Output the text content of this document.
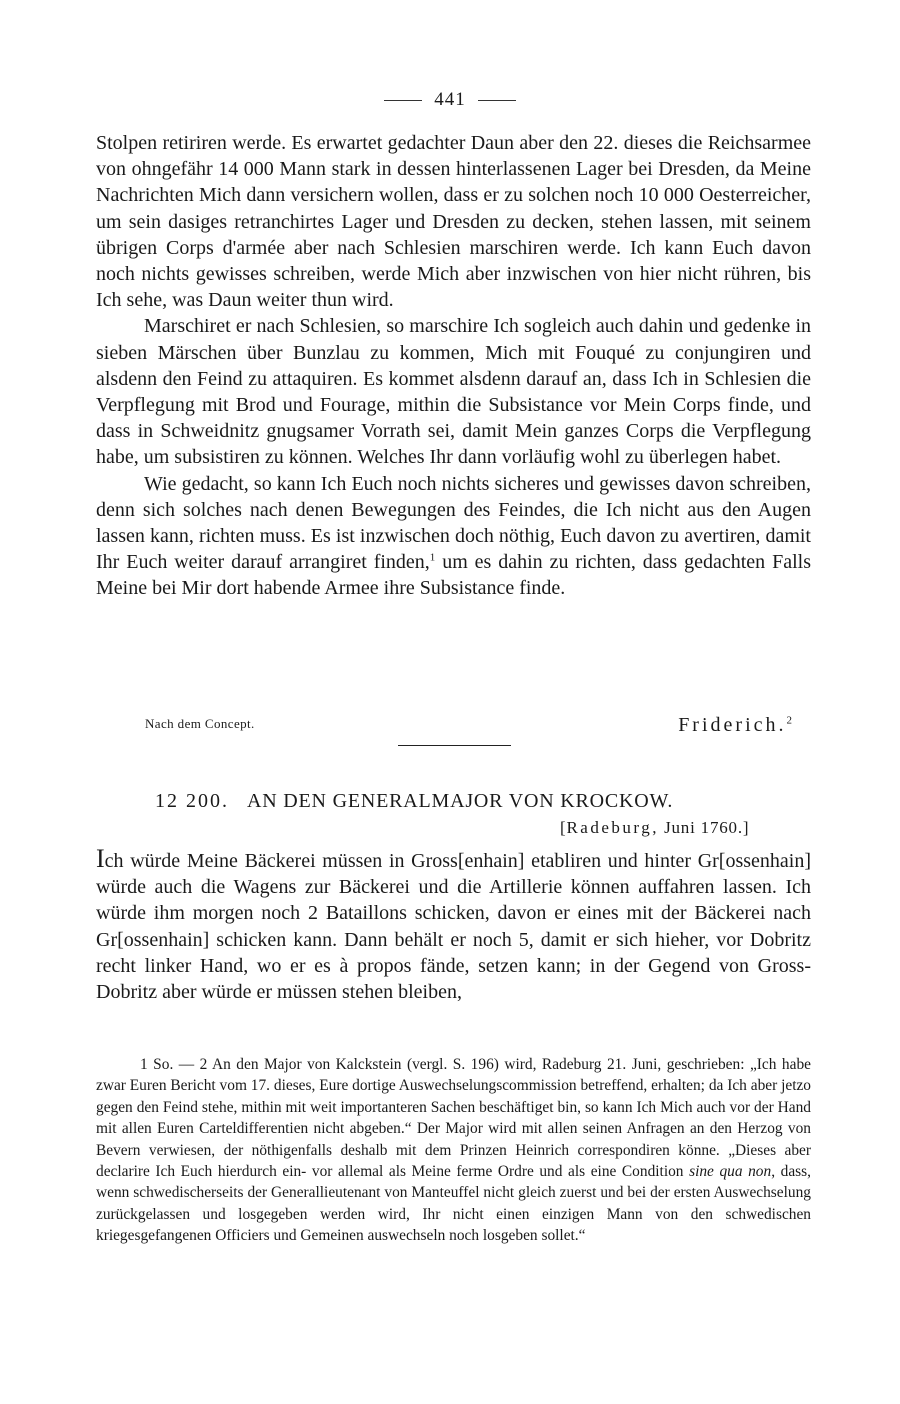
441

Stolpen retiriren werde. Es erwartet gedachter Daun aber den 22. dieses die Reichsarmee von ohngefähr 14 000 Mann stark in dessen hinterlassenen Lager bei Dresden, da Meine Nachrichten Mich dann versichern wollen, dass er zu solchen noch 10 000 Oesterreicher, um sein dasiges retranchirtes Lager und Dresden zu decken, stehen lassen, mit seinem übrigen Corps d'armée aber nach Schlesien marschiren werde. Ich kann Euch davon noch nichts gewisses schreiben, werde Mich aber inzwischen von hier nicht rühren, bis Ich sehe, was Daun weiter thun wird.

Marschiret er nach Schlesien, so marschire Ich sogleich auch dahin und gedenke in sieben Märschen über Bunzlau zu kommen, Mich mit Fouqué zu conjungiren und alsdenn den Feind zu attaquiren. Es kommet alsdenn darauf an, dass Ich in Schlesien die Verpflegung mit Brod und Fourage, mithin die Subsistance vor Mein Corps finde, und dass in Schweidnitz gnugsamer Vorrath sei, damit Mein ganzes Corps die Verpflegung habe, um subsistiren zu können. Welches Ihr dann vorläufig wohl zu überlegen habet.

Wie gedacht, so kann Ich Euch noch nichts sicheres und gewisses davon schreiben, denn sich solches nach denen Bewegungen des Feindes, die Ich nicht aus den Augen lassen kann, richten muss. Es ist inzwischen doch nöthig, Euch davon zu avertiren, damit Ihr Euch weiter darauf arrangiret finden,$^1$ um es dahin zu richten, dass gedachten Falls Meine bei Mir dort habende Armee ihre Subsistance finde.

Nach dem Concept.	Friderich.$^2$
12 200. AN DEN GENERALMAJOR VON KROCKOW.
[Radeburg, Juni 1760.]

Ich würde Meine Bäckerei müssen in Gross[enhain] etabliren und hinter Gr[ossenhain] würde auch die Wagens zur Bäckerei und die Artillerie können auffahren lassen. Ich würde ihm morgen noch 2 Bataillons schicken, davon er eines mit der Bäckerei nach Gr[ossenhain] schicken kann. Dann behält er noch 5, damit er sich hieher, vor Dobritz recht linker Hand, wo er es à propos fände, setzen kann; in der Gegend von Gross-Dobritz aber würde er müssen stehen bleiben,

1 So. — 2 An den Major von Kalckstein (vergl. S. 196) wird, Radeburg 21. Juni, geschrieben: „Ich habe zwar Euren Bericht vom 17. dieses, Eure dortige Auswechselungscommission betreffend, erhalten; da Ich aber jetzo gegen den Feind stehe, mithin mit weit importanteren Sachen beschäftiget bin, so kann Ich Mich auch vor der Hand mit allen Euren Carteldifferentien nicht abgeben.“ Der Major wird mit allen seinen Anfragen an den Herzog von Bevern verwiesen, der nöthigenfalls deshalb mit dem Prinzen Heinrich correspondiren könne. „Dieses aber declarire Ich Euch hierdurch ein- vor allemal als Meine ferme Ordre und als eine Condition sine qua non, dass, wenn schwedischerseits der Generallieutenant von Manteuffel nicht gleich zuerst und bei der ersten Auswechselung zurückgelassen und losgegeben werden wird, Ihr nicht einen einzigen Mann von den schwedischen kriegesgefangenen Officiers und Gemeinen auswechseln noch losgeben sollet.“
